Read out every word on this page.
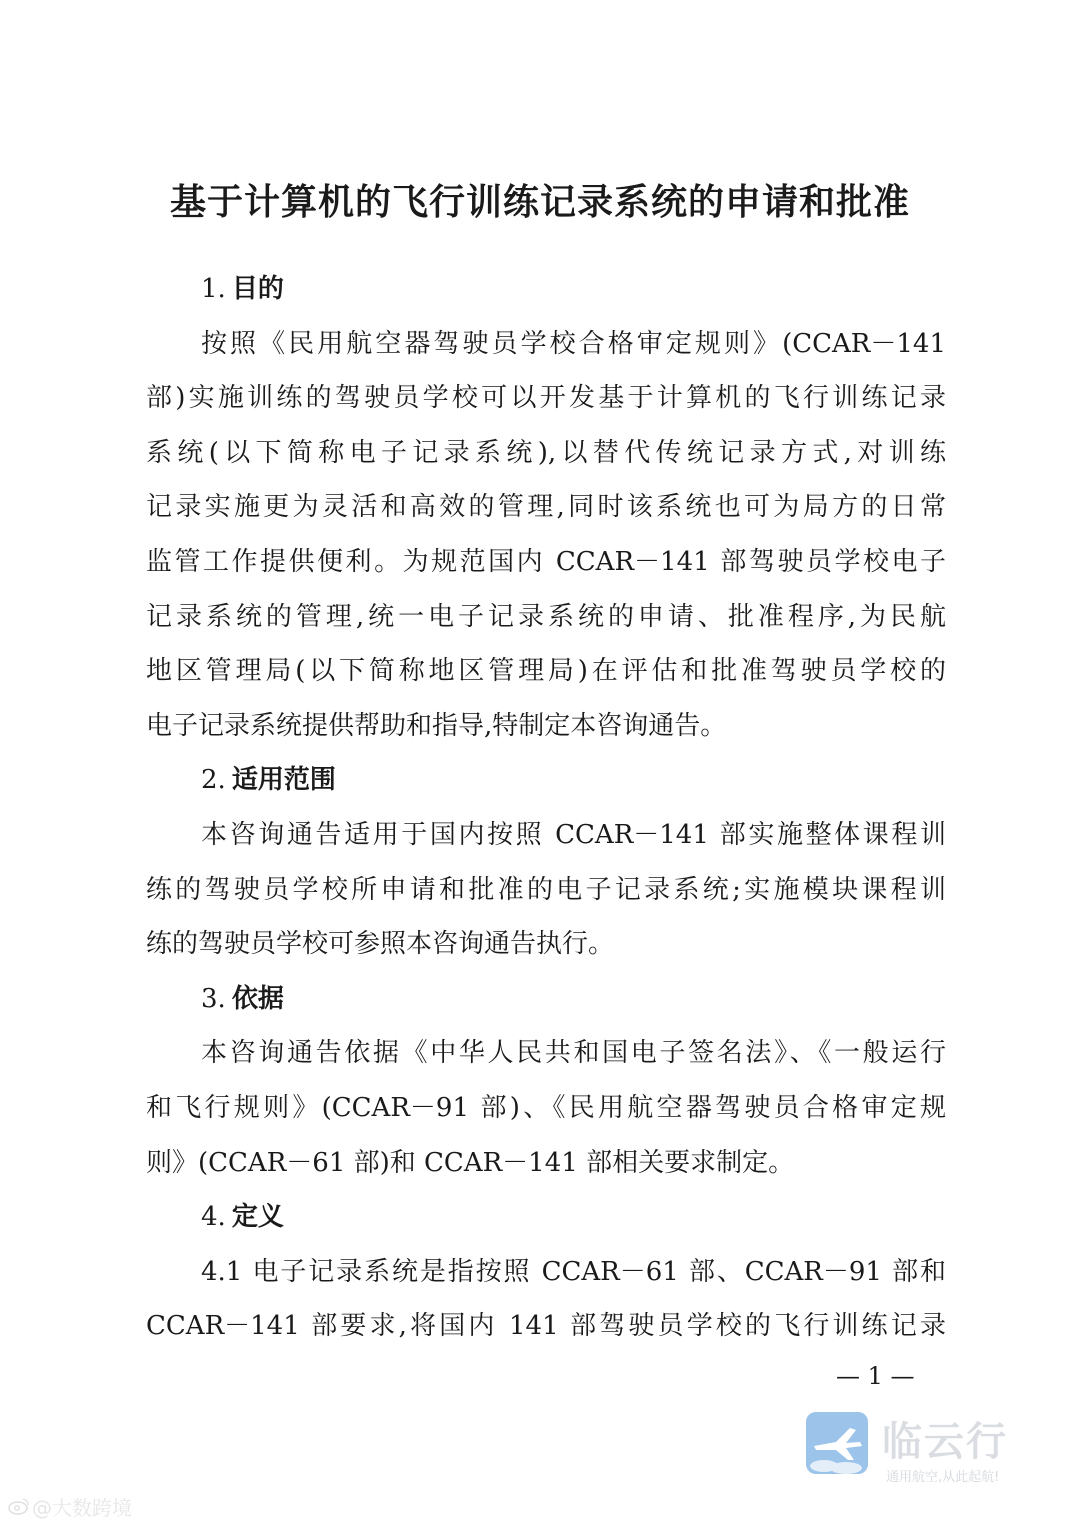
基于计算机的飞行训练记录系统的申请和批准
1. 目的
按照《民用航空器驾驶员学校合格审定规则》(CCAR－141
部)实施训练的驾驶员学校可以开发基于计算机的飞行训练记录
系统(以下简称电子记录系统),以替代传统记录方式,对训练
记录实施更为灵活和高效的管理,同时该系统也可为局方的日常
监管工作提供便利。为规范国内 CCAR－141 部驾驶员学校电子
记录系统的管理,统一电子记录系统的申请、批准程序,为民航
地区管理局(以下简称地区管理局)在评估和批准驾驶员学校的
电子记录系统提供帮助和指导,特制定本咨询通告。
2. 适用范围
本咨询通告适用于国内按照 CCAR－141 部实施整体课程训
练的驾驶员学校所申请和批准的电子记录系统;实施模块课程训
练的驾驶员学校可参照本咨询通告执行。
3. 依据
本咨询通告依据《中华人民共和国电子签名法》、《一般运行
和飞行规则》(CCAR－91 部)、《民用航空器驾驶员合格审定规
则》(CCAR－61 部)和 CCAR－141 部相关要求制定。
4. 定义
4.1 电子记录系统是指按照 CCAR－61 部、CCAR－91 部和
CCAR－141 部要求,将国内 141 部驾驶员学校的飞行训练记录
— 1 —
临云行
通用航空,从此起航!
@大数跨境
